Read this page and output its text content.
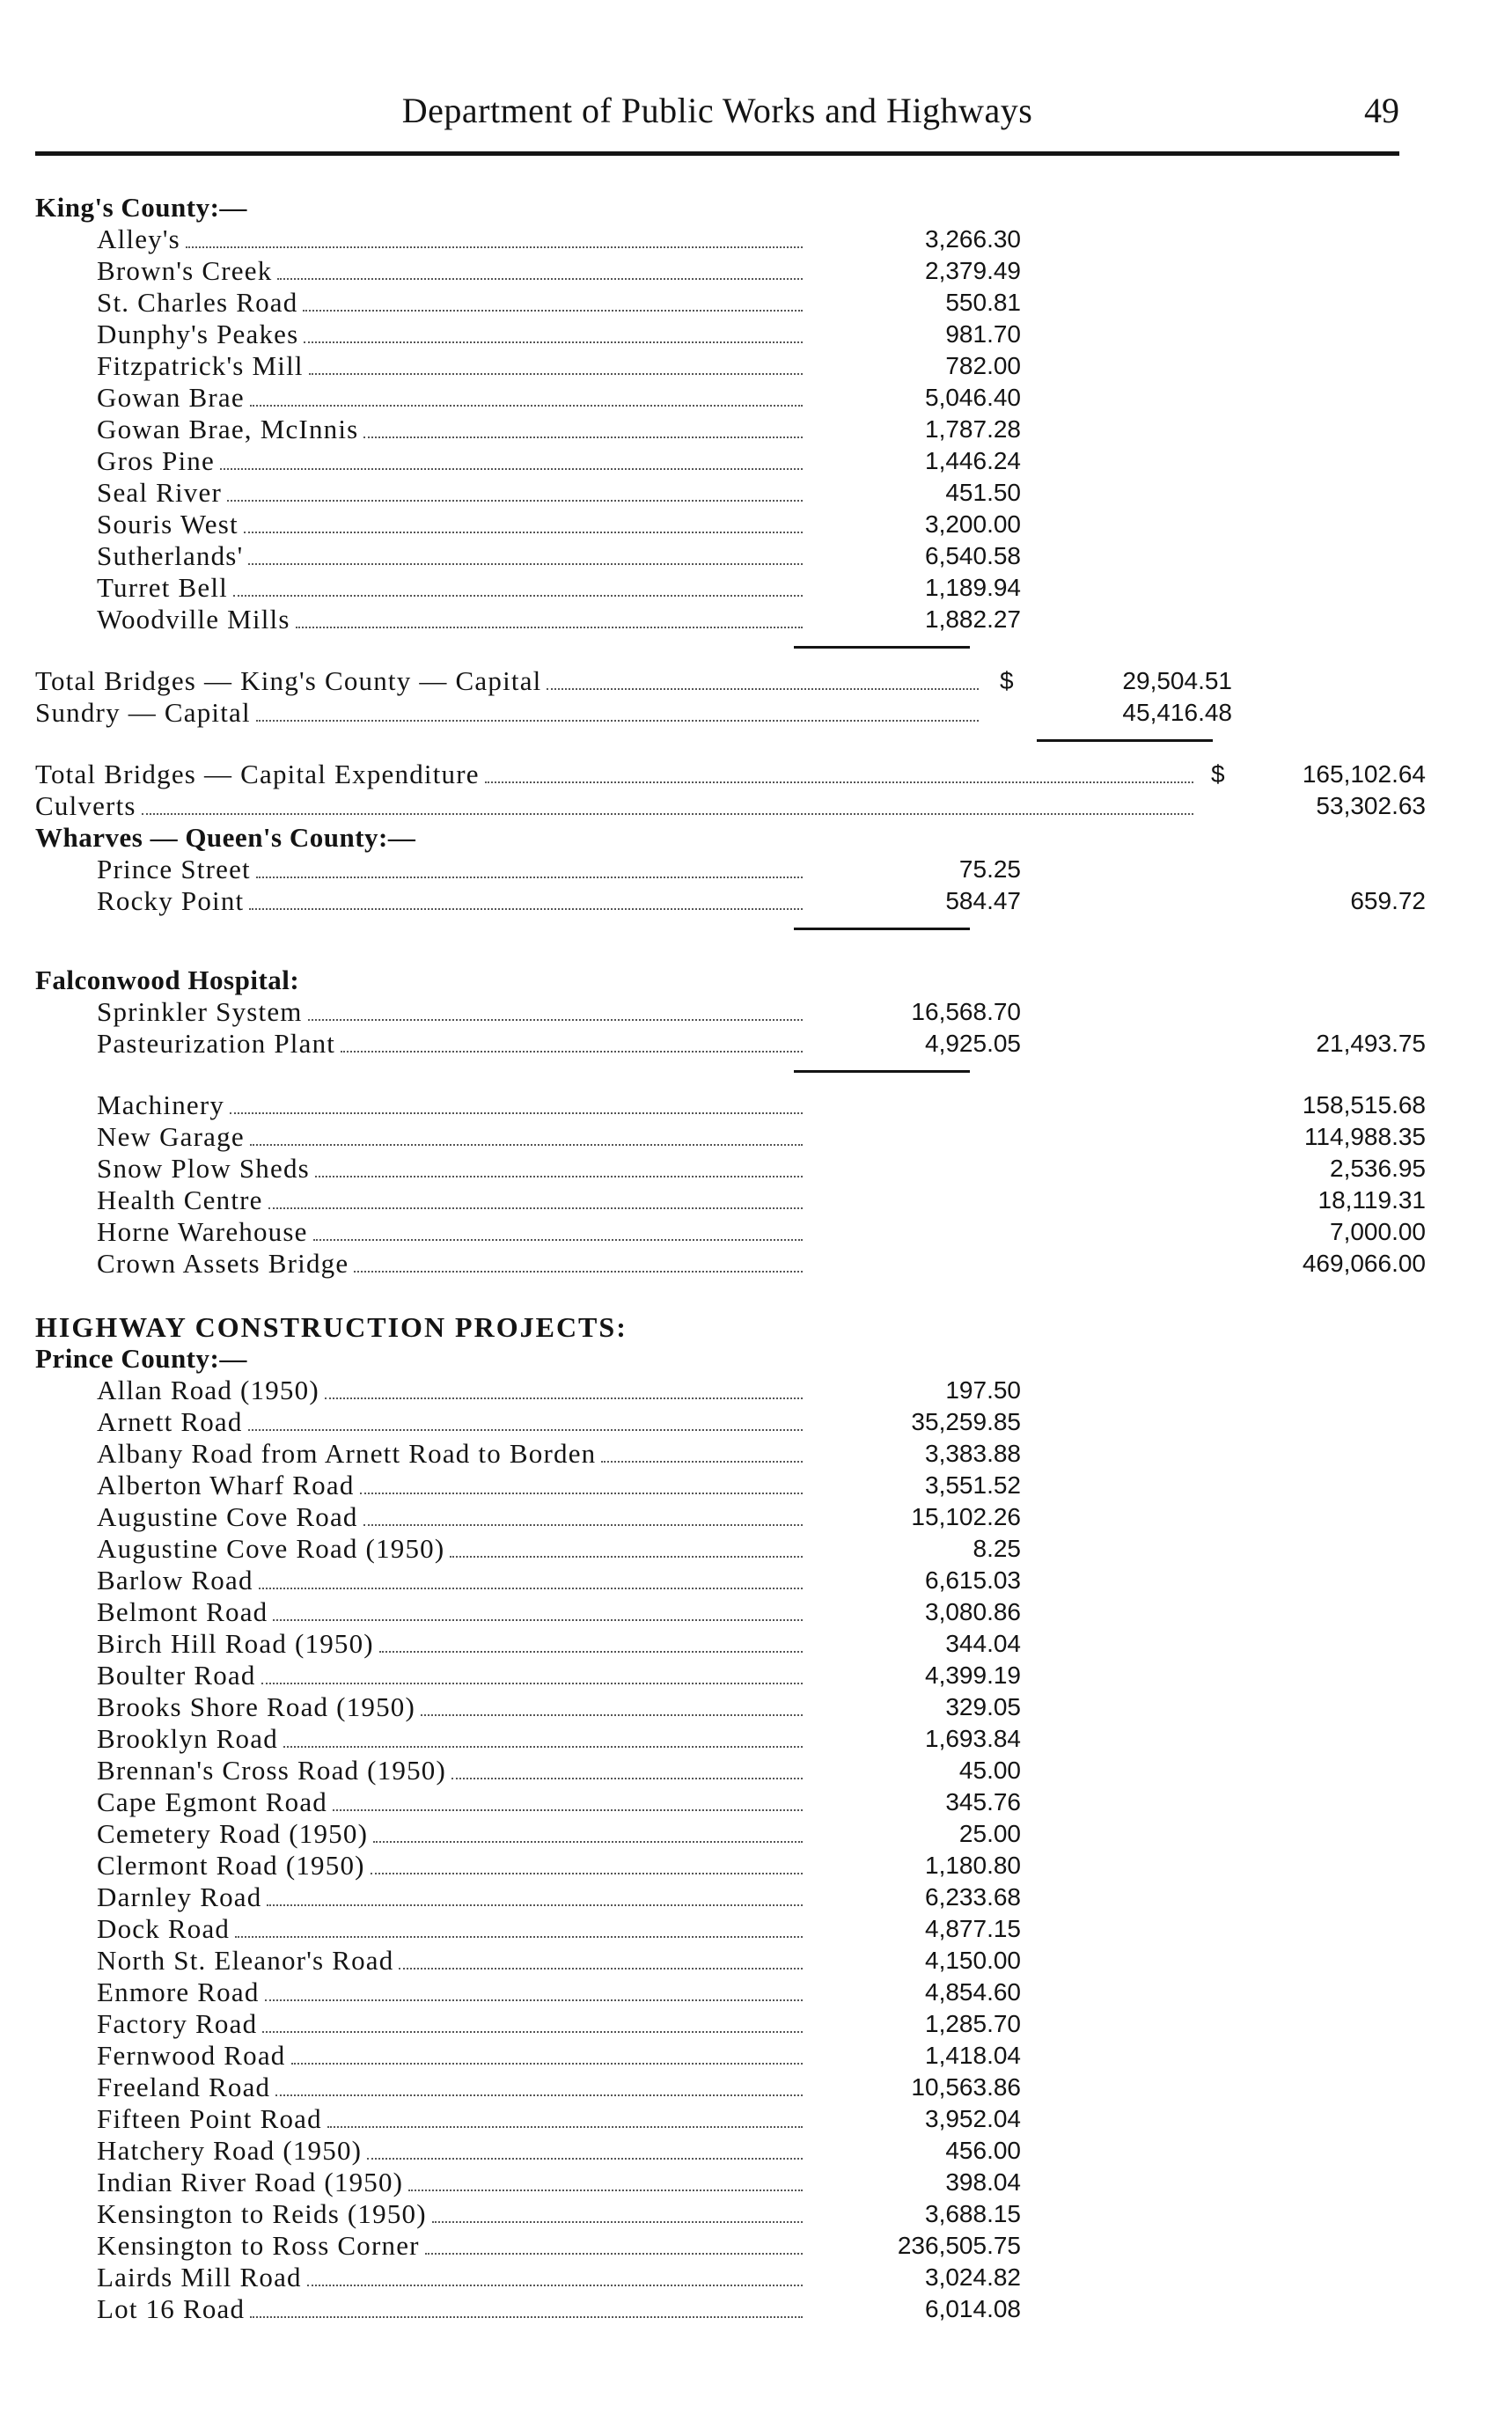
Department of Public Works and Highways	49
King's County:—
Alley's	3,266.30
Brown's Creek	2,379.49
St. Charles Road	550.81
Dunphy's Peakes	981.70
Fitzpatrick's Mill	782.00
Gowan Brae	5,046.40
Gowan Brae, McInnis	1,787.28
Gros Pine	1,446.24
Seal River	451.50
Souris West	3,200.00
Sutherlands'	6,540.58
Turret Bell	1,189.94
Woodville Mills	1,882.27
Total Bridges — King's County — Capital	$	29,504.51
Sundry — Capital	45,416.48
Total Bridges — Capital Expenditure	$	165,102.64
Culverts	53,302.63
Wharves — Queen's County:—
Prince Street	75.25
Rocky Point	584.47	659.72
Falconwood Hospital:
Sprinkler System	16,568.70
Pasteurization Plant	4,925.05	21,493.75
Machinery	158,515.68
New Garage	114,988.35
Snow Plow Sheds	2,536.95
Health Centre	18,119.31
Horne Warehouse	7,000.00
Crown Assets Bridge	469,066.00
HIGHWAY CONSTRUCTION PROJECTS:
Prince County:—
Allan Road (1950)	197.50
Arnett Road	35,259.85
Albany Road from Arnett Road to Borden	3,383.88
Alberton Wharf Road	3,551.52
Augustine Cove Road	15,102.26
Augustine Cove Road (1950)	8.25
Barlow Road	6,615.03
Belmont Road	3,080.86
Birch Hill Road (1950)	344.04
Boulter Road	4,399.19
Brooks Shore Road (1950)	329.05
Brooklyn Road	1,693.84
Brennan's Cross Road (1950)	45.00
Cape Egmont Road	345.76
Cemetery Road (1950)	25.00
Clermont Road (1950)	1,180.80
Darnley Road	6,233.68
Dock Road	4,877.15
North St. Eleanor's Road	4,150.00
Enmore Road	4,854.60
Factory Road	1,285.70
Fernwood Road	1,418.04
Freeland Road	10,563.86
Fifteen Point Road	3,952.04
Hatchery Road (1950)	456.00
Indian River Road (1950)	398.04
Kensington to Reids (1950)	3,688.15
Kensington to Ross Corner	236,505.75
Lairds Mill Road	3,024.82
Lot 16 Road	6,014.08
